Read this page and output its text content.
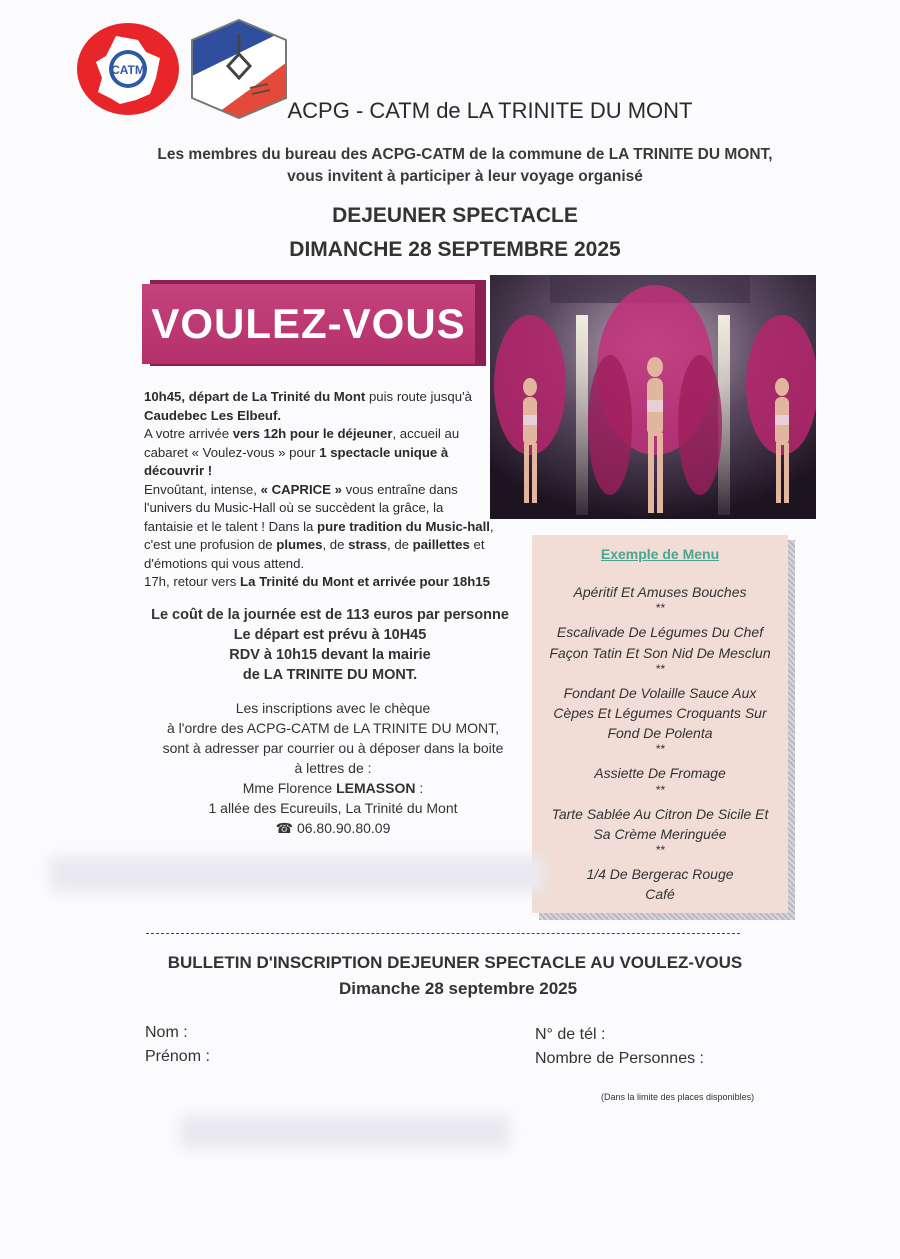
CATM
ACPG - CATM de LA TRINITE DU MONT
Les membres du bureau des ACPG-CATM de la commune de LA TRINITE DU MONT,
vous invitent à participer à leur voyage organisé
DEJEUNER SPECTACLE
DIMANCHE 28 SEPTEMBRE 2025
VOULEZ-VOUS
10h45, départ de La Trinité du Mont puis route jusqu'à Caudebec Les Elbeuf.
A votre arrivée vers 12h pour le déjeuner, accueil au cabaret « Voulez-vous » pour 1 spectacle unique à découvrir !
Envoûtant, intense, « CAPRICE » vous entraîne dans l'univers du Music-Hall où se succèdent la grâce, la fantaisie et le talent ! Dans la pure tradition du Music-hall, c'est une profusion de plumes, de strass, de paillettes et d'émotions qui vous attend.
17h, retour vers La Trinité du Mont et arrivée pour 18h15
Le coût de la journée est de 113 euros par personne
Le départ est prévu à 10H45
RDV à 10h15 devant la mairie
de LA TRINITE DU MONT.
Les inscriptions avec le chèque
à l'ordre des ACPG-CATM de LA TRINITE DU MONT,
sont à adresser par courrier ou à déposer dans la boite
à lettres de :
Mme Florence LEMASSON :
1 allée des Ecureuils, La Trinité du Mont
☎ 06.80.90.80.09
Exemple de Menu
Apéritif Et Amuses Bouches
**
Escalivade De Légumes Du Chef
Façon Tatin Et Son Nid De Mesclun
**
Fondant De Volaille Sauce Aux
Cèpes Et Légumes Croquants Sur
Fond De Polenta
**
Assiette De Fromage
**
Tarte Sablée Au Citron De Sicile Et
Sa Crème Meringuée
**
1/4 De Bergerac Rouge
Café
BULLETIN D'INSCRIPTION DEJEUNER SPECTACLE AU VOULEZ-VOUS
Dimanche 28 septembre 2025
Nom :
Prénom :
N° de tél :
Nombre de Personnes :
(Dans la limite des places disponibles)
